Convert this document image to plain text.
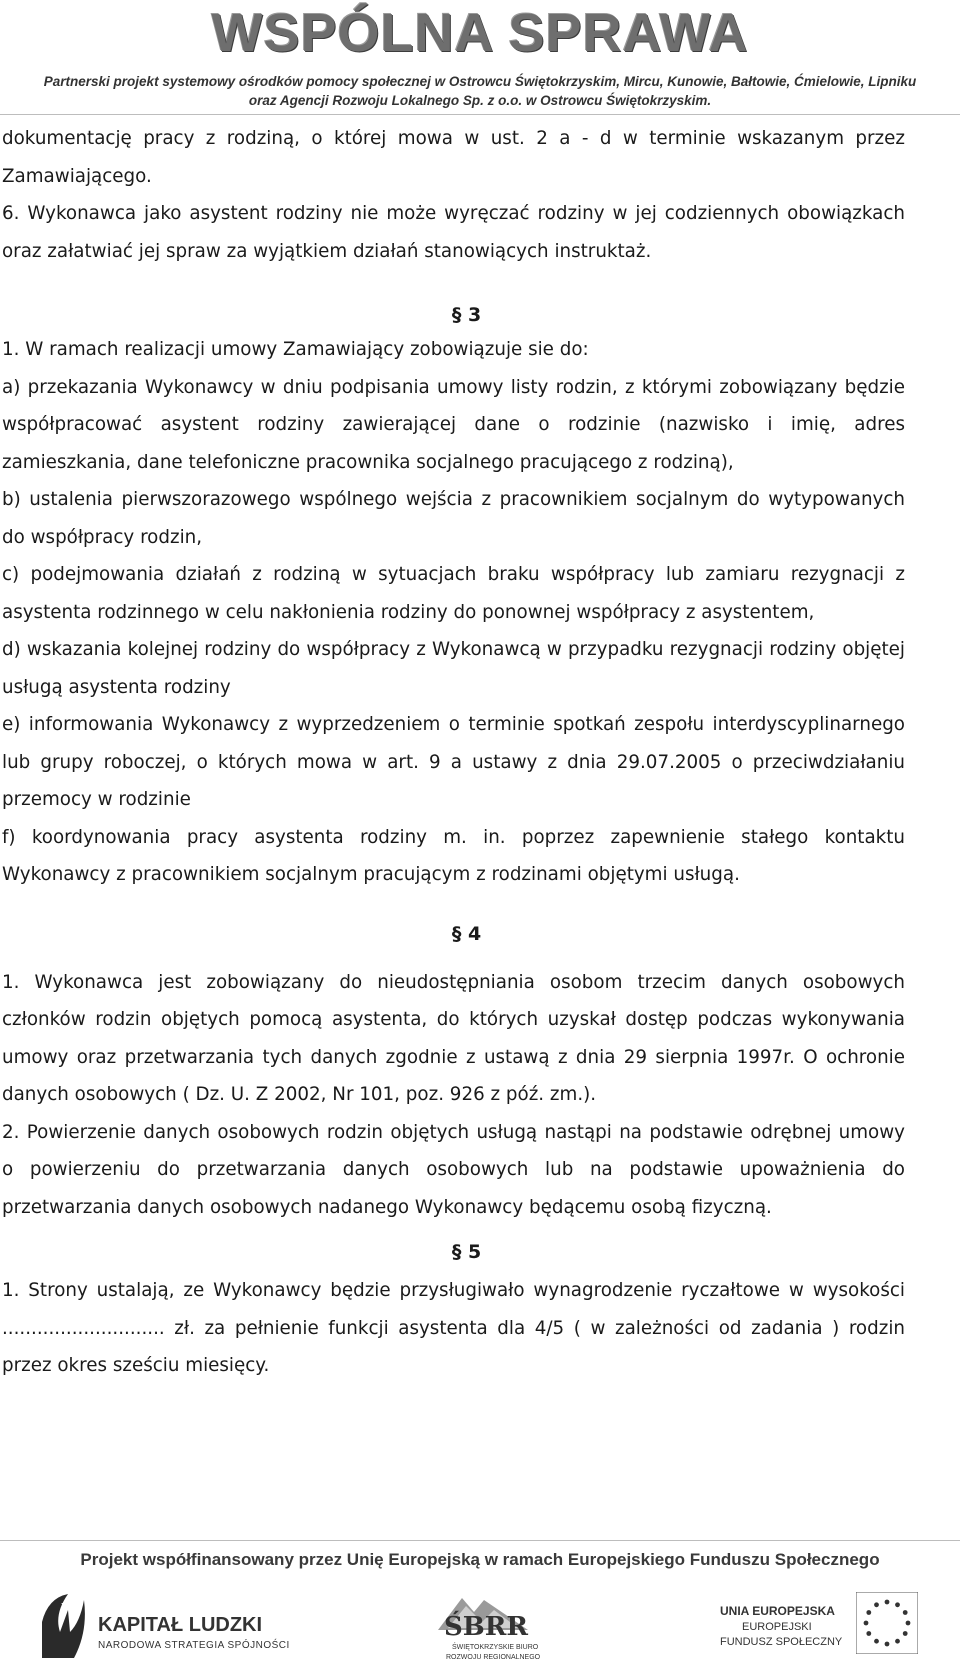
WSPÓLNA SPRAWA
Partnerski projekt systemowy ośrodków pomocy społecznej w Ostrowcu Świętokrzyskim, Mircu, Kunowie, Bałtowie, Ćmielowie, Lipniku
oraz Agencji Rozwoju Lokalnego Sp. z o.o. w Ostrowcu Świętokrzyskim.

dokumentację pracy z rodziną, o której mowa w ust. 2 a - d w terminie wskazanym przez Zamawiającego.

6. Wykonawca jako asystent rodziny nie może wyręczać rodziny w jej codziennych obowiązkach oraz załatwiać jej spraw za wyjątkiem działań stanowiących instruktaż.

§ 3

1. W ramach realizacji umowy Zamawiający zobowiązuje sie do:

a) przekazania Wykonawcy w dniu podpisania umowy listy rodzin, z którymi zobowiązany będzie współpracować asystent rodziny zawierającej dane o rodzinie (nazwisko i imię, adres zamieszkania, dane telefoniczne pracownika socjalnego pracującego z rodziną),

b) ustalenia pierwszorazowego wspólnego wejścia z pracownikiem socjalnym do wytypowanych do współpracy rodzin,

c) podejmowania działań z rodziną w sytuacjach braku współpracy lub zamiaru rezygnacji z asystenta rodzinnego w celu nakłonienia rodziny do ponownej współpracy z asystentem,

d) wskazania kolejnej rodziny do współpracy z Wykonawcą w przypadku rezygnacji rodziny objętej usługą asystenta rodziny

e) informowania Wykonawcy z wyprzedzeniem o terminie spotkań zespołu interdyscyplinarnego lub grupy roboczej, o których mowa w art. 9 a ustawy z dnia 29.07.2005 o przeciwdziałaniu przemocy w rodzinie

f) koordynowania pracy asystenta rodziny m. in. poprzez zapewnienie stałego kontaktu Wykonawcy z pracownikiem socjalnym pracującym z rodzinami objętymi usługą.

§ 4

1. Wykonawca jest zobowiązany do nieudostępniania osobom trzecim danych osobowych członków rodzin objętych pomocą asystenta, do których uzyskał dostęp podczas wykonywania umowy oraz przetwarzania tych danych zgodnie z ustawą z dnia 29 sierpnia 1997r. O ochronie danych osobowych ( Dz. U. Z 2002, Nr 101, poz. 926 z póź. zm.).

2. Powierzenie danych osobowych rodzin objętych usługą nastąpi na podstawie odrębnej umowy o powierzeniu do przetwarzania danych osobowych lub na podstawie upoważnienia do przetwarzania danych osobowych nadanego Wykonawcy będącemu osobą fizyczną.

§ 5

1. Strony ustalają, ze Wykonawcy będzie przysługiwało wynagrodzenie ryczałtowe w wysokości ............................ zł. za pełnienie funkcji asystenta dla 4/5 ( w zależności od zadania ) rodzin przez okres sześciu miesięcy.

Projekt współfinansowany przez Unię Europejską w ramach Europejskiego Funduszu Społecznego
KAPITAŁ LUDZKI
NARODOWA STRATEGIA SPÓJNOŚCI
ŚBRR
ŚWIĘTOKRZYSKIE BIURO
ROZWOJU REGIONALNEGO
UNIA EUROPEJSKA
EUROPEJSKI
FUNDUSZ SPOŁECZNY
